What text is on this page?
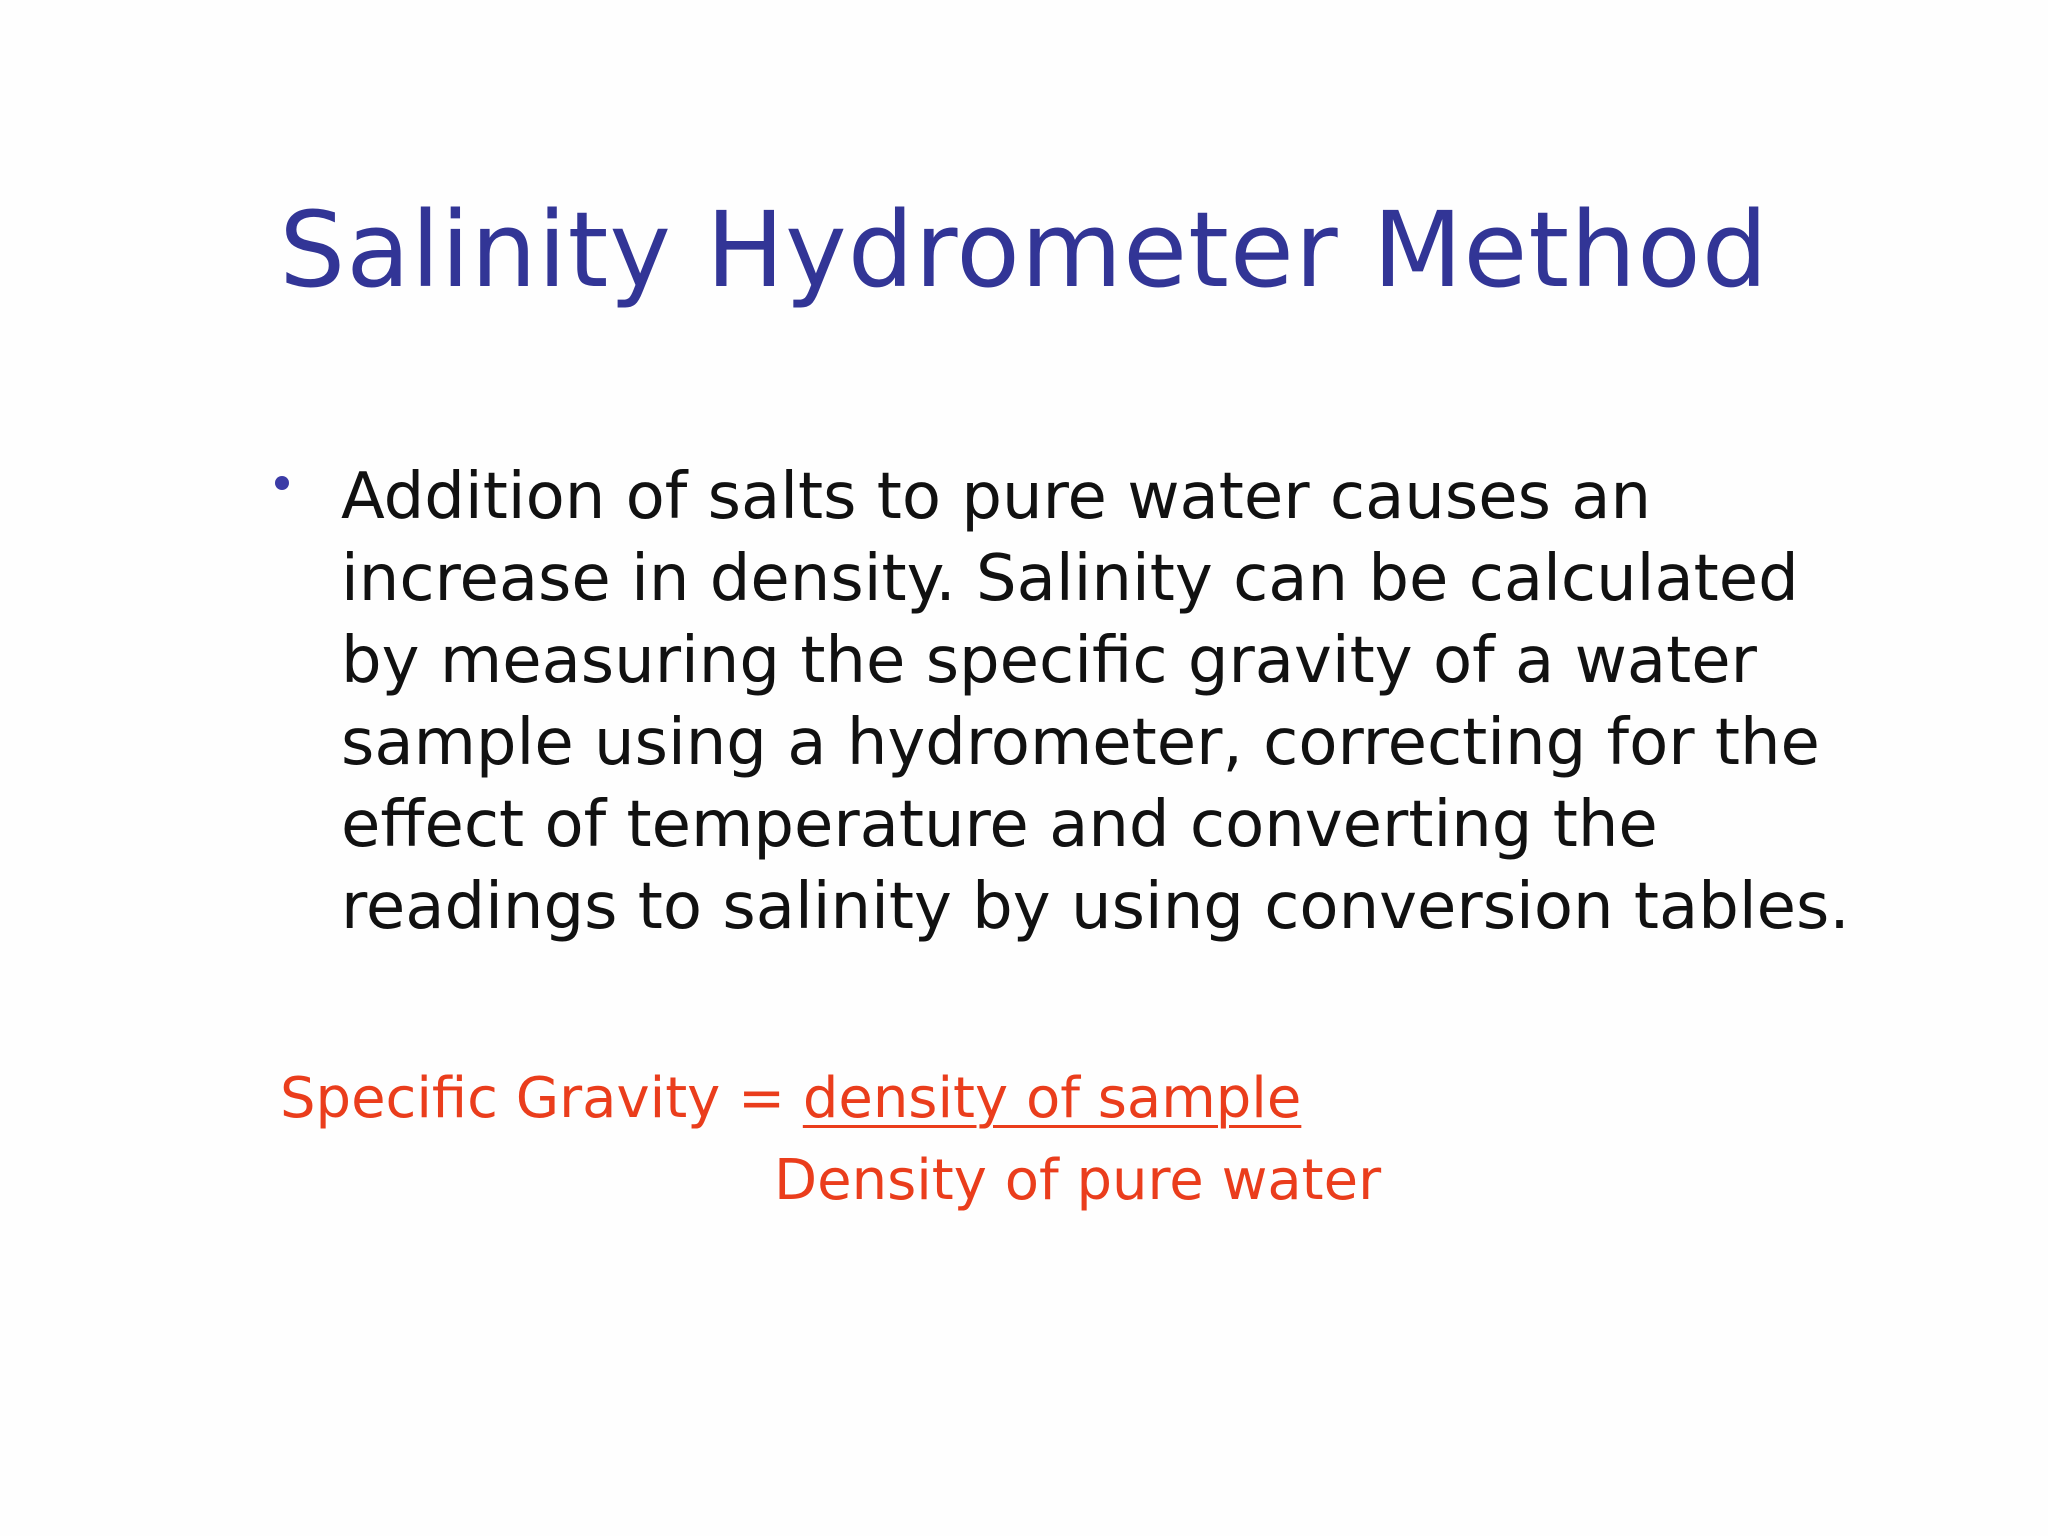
Salinity Hydrometer Method
Addition of salts to pure water causes an
increase in density. Salinity can be calculated
by measuring the specific gravity of a water
sample using a hydrometer, correcting for the
effect of temperature and converting the
readings to salinity by using conversion tables.
Specific Gravity = density of sample
Density of pure water
